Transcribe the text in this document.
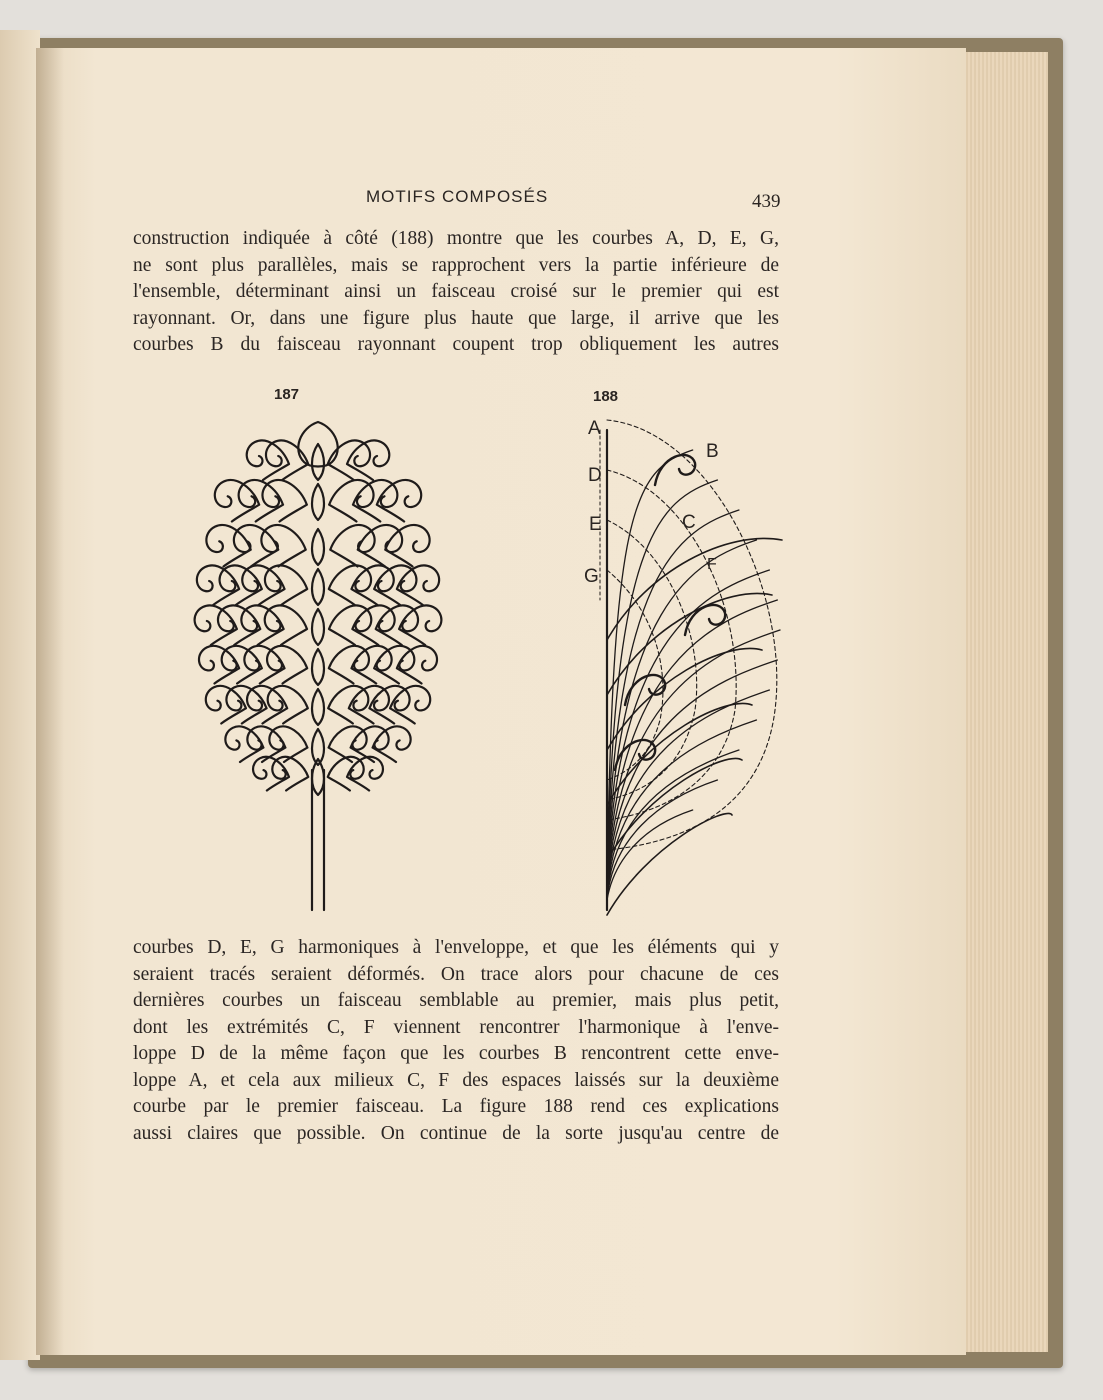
MOTIFS COMPOSÉS	439
construction indiquée à côté (188) montre que les courbes A, D, E, G,
ne sont plus parallèles, mais se rapprochent vers la partie inférieure de
l'ensemble, déterminant ainsi un faisceau croisé sur le premier qui est
rayonnant. Or, dans une figure plus haute que large, il arrive que les
courbes B du faisceau rayonnant coupent trop obliquement les autres
187	188
A
D
E
G
B
C
F
courbes D, E, G harmoniques à l'enveloppe, et que les éléments qui y
seraient tracés seraient déformés. On trace alors pour chacune de ces
dernières courbes un faisceau semblable au premier, mais plus petit,
dont les extrémités C, F viennent rencontrer l'harmonique à l'enve-
loppe D de la même façon que les courbes B rencontrent cette enve-
loppe A, et cela aux milieux C, F des espaces laissés sur la deuxième
courbe par le premier faisceau. La figure 188 rend ces explications
aussi claires que possible. On continue de la sorte jusqu'au centre de
